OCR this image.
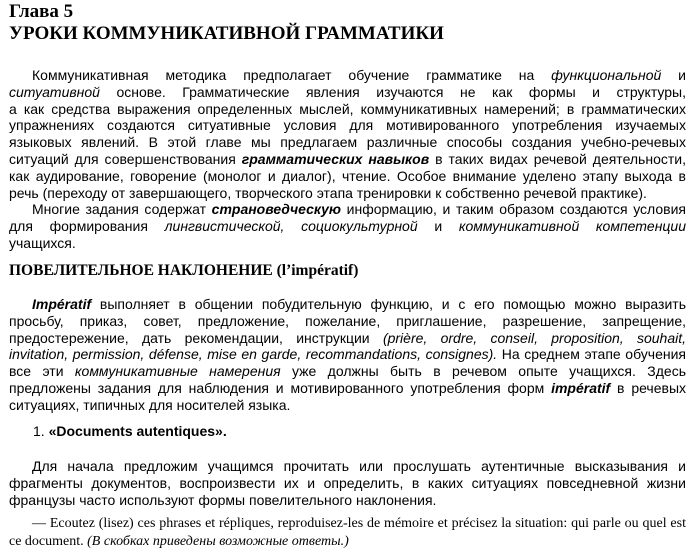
Глава 5
УРОКИ КОММУНИКАТИВНОЙ ГРАММАТИКИ
Коммуникативная методика предполагает обучение грамматике на функциональной и
ситуативной основе. Грамматические явления изучаются не как формы и структуры,
а как средства выражения определенных мыслей, коммуникативных намерений; в грамматических
упражнениях создаются ситуативные условия для мотивированного употребления изучаемых
языковых явлений. В этой главе мы предлагаем различные способы создания учебно-речевых
ситуаций для совершенствования грамматических навыков в таких видах речевой деятельности,
как аудирование, говорение (монолог и диалог), чтение. Особое внимание уделено этапу выхода в
речь (переходу от завершающего, творческого этапа тренировки к собственно речевой практике).
Многие задания содержат страноведческую информацию, и таким образом создаются условия
для формирования лингвистической, социокультурной и коммуникативной компетенции
учащихся.
ПОВЕЛИТЕЛЬНОЕ НАКЛОНЕНИЕ (l’impératif)
Impératif выполняет в общении побудительную функцию, и с его помощью можно выразить
просьбу, приказ, совет, предложение, пожелание, приглашение, разрешение, запрещение,
предостережение, дать рекомендации, инструкции (prière, ordre, conseil, proposition, souhait,
invitation, permission, défense, mise en garde, recommandations, consignes). На среднем этапе обучения
все эти коммуникативные намерения уже должны быть в речевом опыте учащихся. Здесь
предложены задания для наблюдения и мотивированного употребления форм impératif в речевых
ситуациях, типичных для носителей языка.
1. «Documents autentiques».
Для начала предложим учащимся прочитать или прослушать аутентичные высказывания и
фрагменты документов, воспроизвести их и определить, в каких ситуациях повседневной жизни
французы часто используют формы повелительного наклонения.
— Ecoutez (lisez) ces phrases et répliques, reproduisez-les de mémoire et précisez la situation: qui parle ou quel est
ce document. (В скобках приведены возможные ответы.)
